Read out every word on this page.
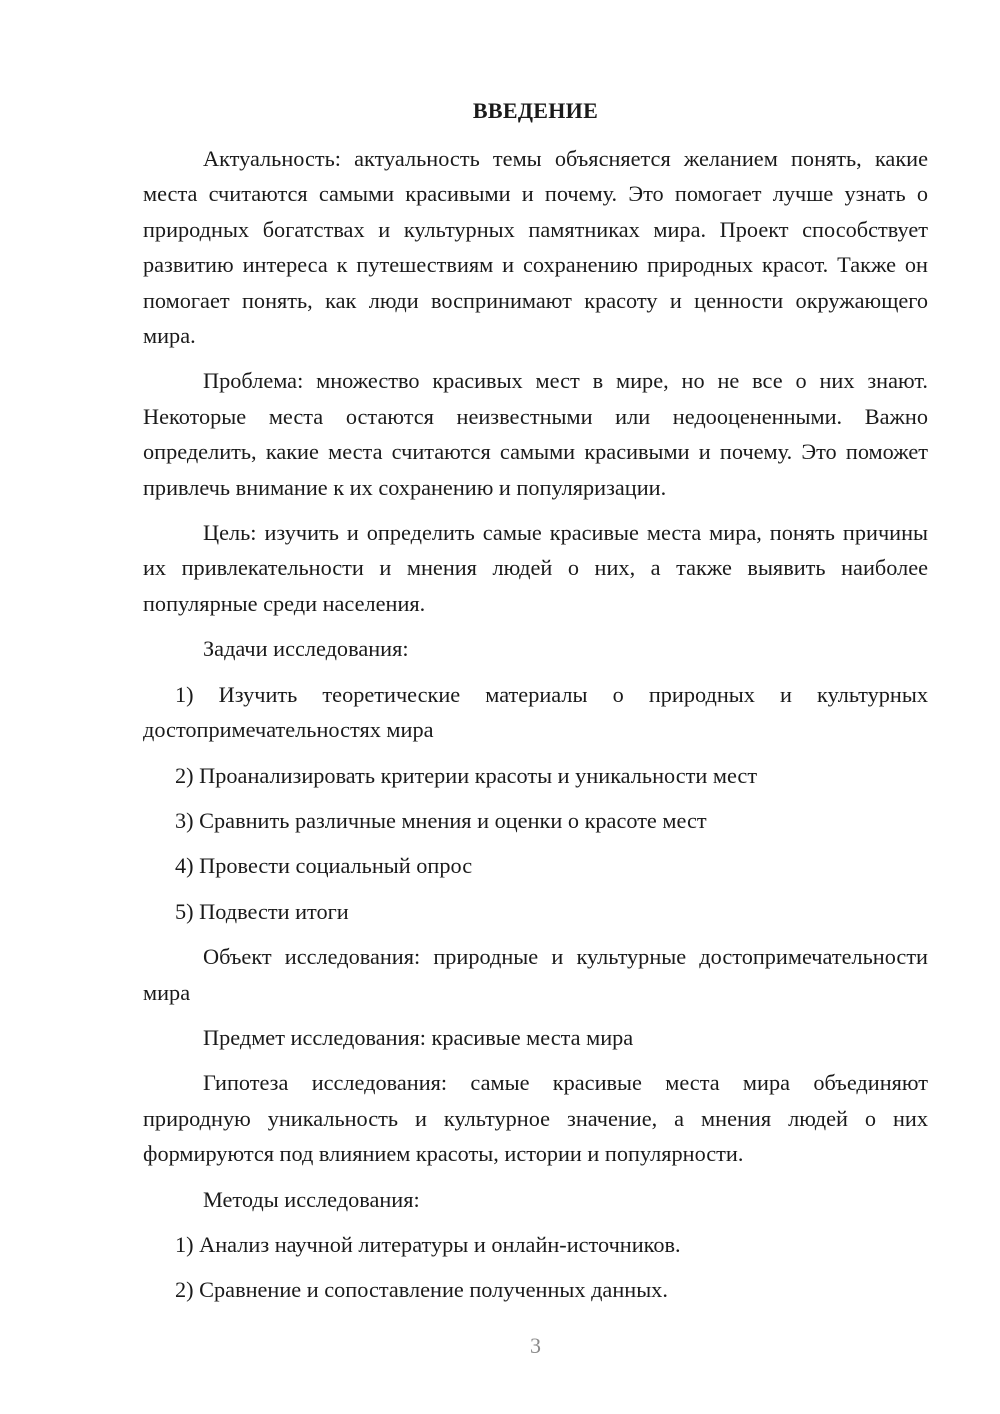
ВВЕДЕНИЕ

Актуальность: актуальность темы объясняется желанием понять, какие места считаются самыми красивыми и почему. Это помогает лучше узнать о природных богатствах и культурных памятниках мира. Проект способствует развитию интереса к путешествиям и сохранению природных красот. Также он помогает понять, как люди воспринимают красоту и ценности окружающего мира.

Проблема: множество красивых мест в мире, но не все о них знают. Некоторые места остаются неизвестными или недооцененными. Важно определить, какие места считаются самыми красивыми и почему. Это поможет привлечь внимание к их сохранению и популяризации.

Цель: изучить и определить самые красивые места мира, понять причины их привлекательности и мнения людей о них, а также выявить наиболее популярные среди населения.

Задачи исследования:

1) Изучить теоретические материалы о природных и культурных достопримечательностях мира

2) Проанализировать критерии красоты и уникальности мест

3) Сравнить различные мнения и оценки о красоте мест

4) Провести социальный опрос

5) Подвести итоги

Объект исследования: природные и культурные достопримечательности мира

Предмет исследования: красивые места мира

Гипотеза исследования: самые красивые места мира объединяют природную уникальность и культурное значение, а мнения людей о них формируются под влиянием красоты, истории и популярности.

Методы исследования:

1) Анализ научной литературы и онлайн-источников.

2) Сравнение и сопоставление полученных данных.

3
